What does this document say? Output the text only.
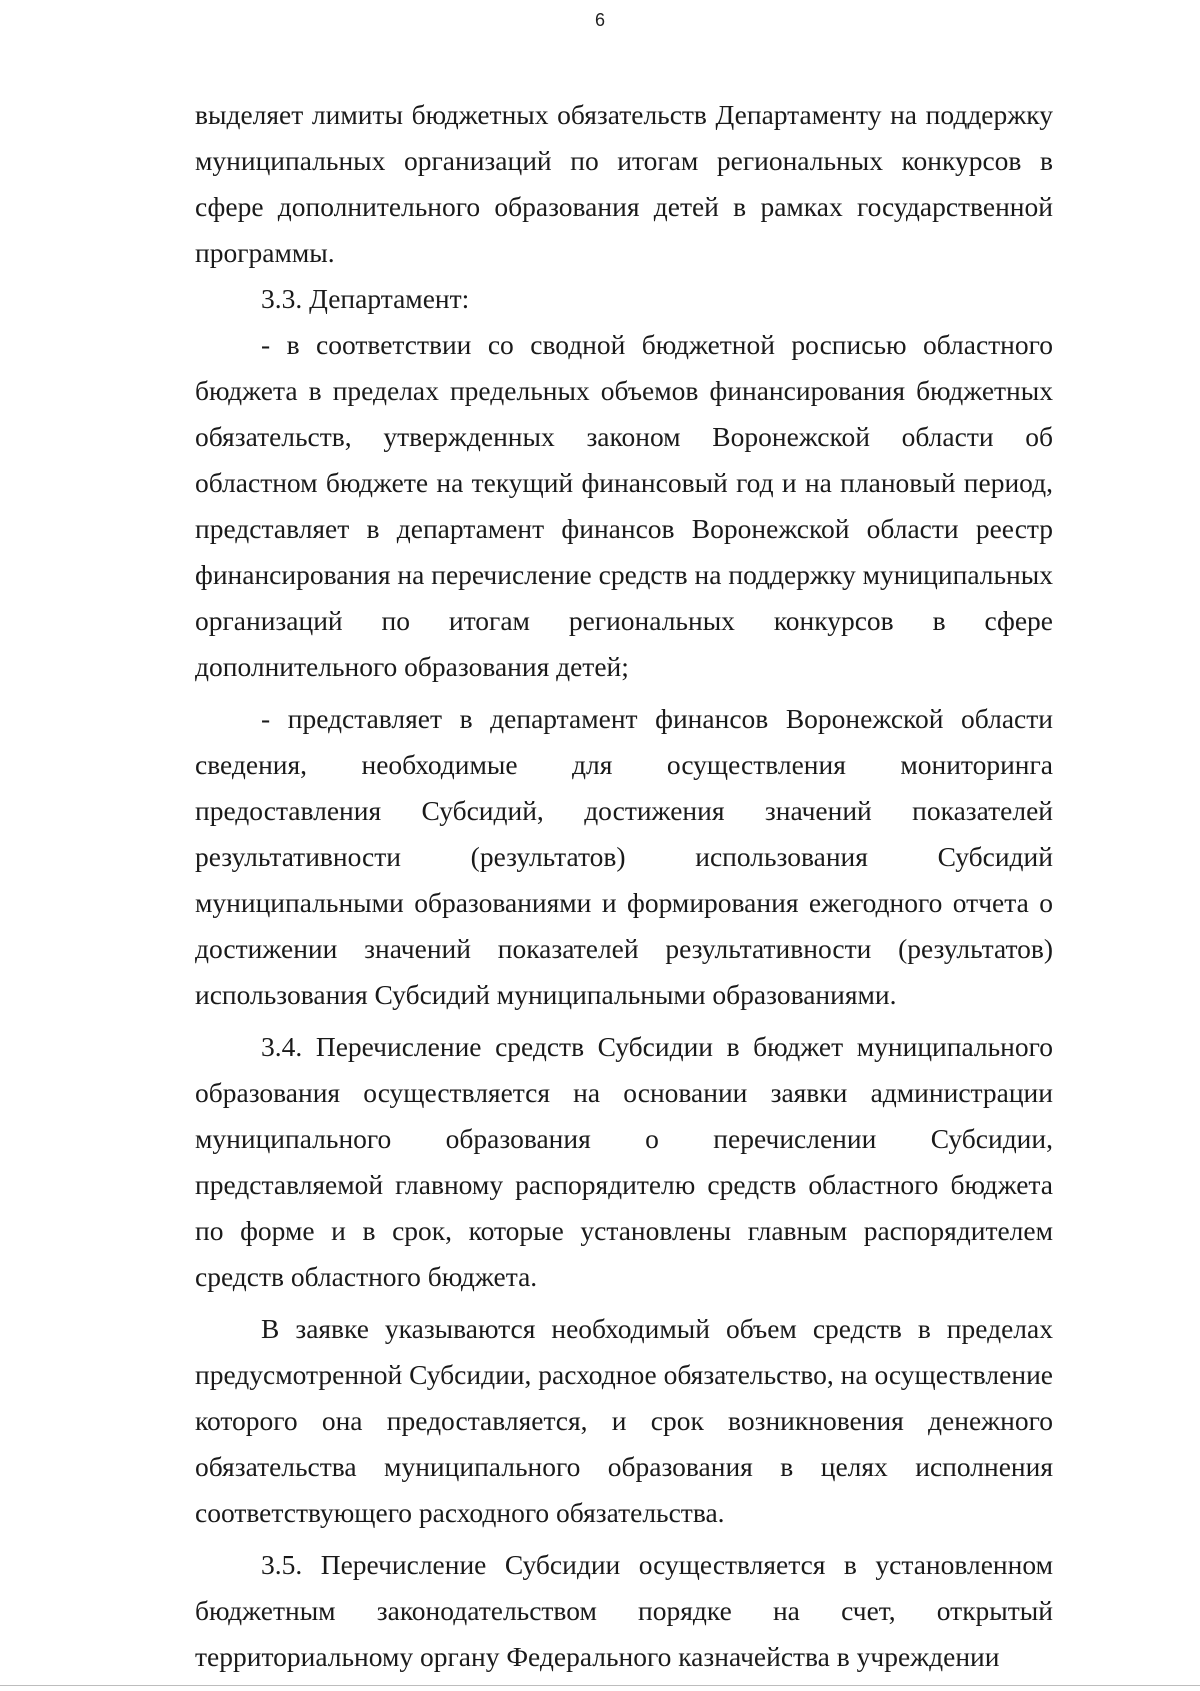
6

выделяет лимиты бюджетных обязательств Департаменту на поддержку муниципальных организаций по итогам региональных конкурсов в сфере дополнительного образования детей в рамках государственной программы.

3.3. Департамент:

- в соответствии со сводной бюджетной росписью областного бюджета в пределах предельных объемов финансирования бюджетных обязательств, утвержденных законом Воронежской области об областном бюджете на текущий финансовый год и на плановый период, представляет в департамент финансов Воронежской области реестр финансирования на перечисление средств на поддержку муниципальных организаций по итогам региональных конкурсов в сфере дополнительного образования детей;

- представляет в департамент финансов Воронежской области сведения, необходимые для осуществления мониторинга предоставления Субсидий, достижения значений показателей результативности (результатов) использования Субсидий муниципальными образованиями и формирования ежегодного отчета о достижении значений показателей результативности (результатов) использования Субсидий муниципальными образованиями.

3.4. Перечисление средств Субсидии в бюджет муниципального образования осуществляется на основании заявки администрации муниципального образования о перечислении Субсидии, представляемой главному распорядителю средств областного бюджета по форме и в срок, которые установлены главным распорядителем средств областного бюджета.

В заявке указываются необходимый объем средств в пределах предусмотренной Субсидии, расходное обязательство, на осуществление которого она предоставляется, и срок возникновения денежного обязательства муниципального образования в целях исполнения соответствующего расходного обязательства.

3.5. Перечисление Субсидии осуществляется в установленном бюджетным законодательством порядке на счет, открытый территориальному органу Федерального казначейства в учреждении
